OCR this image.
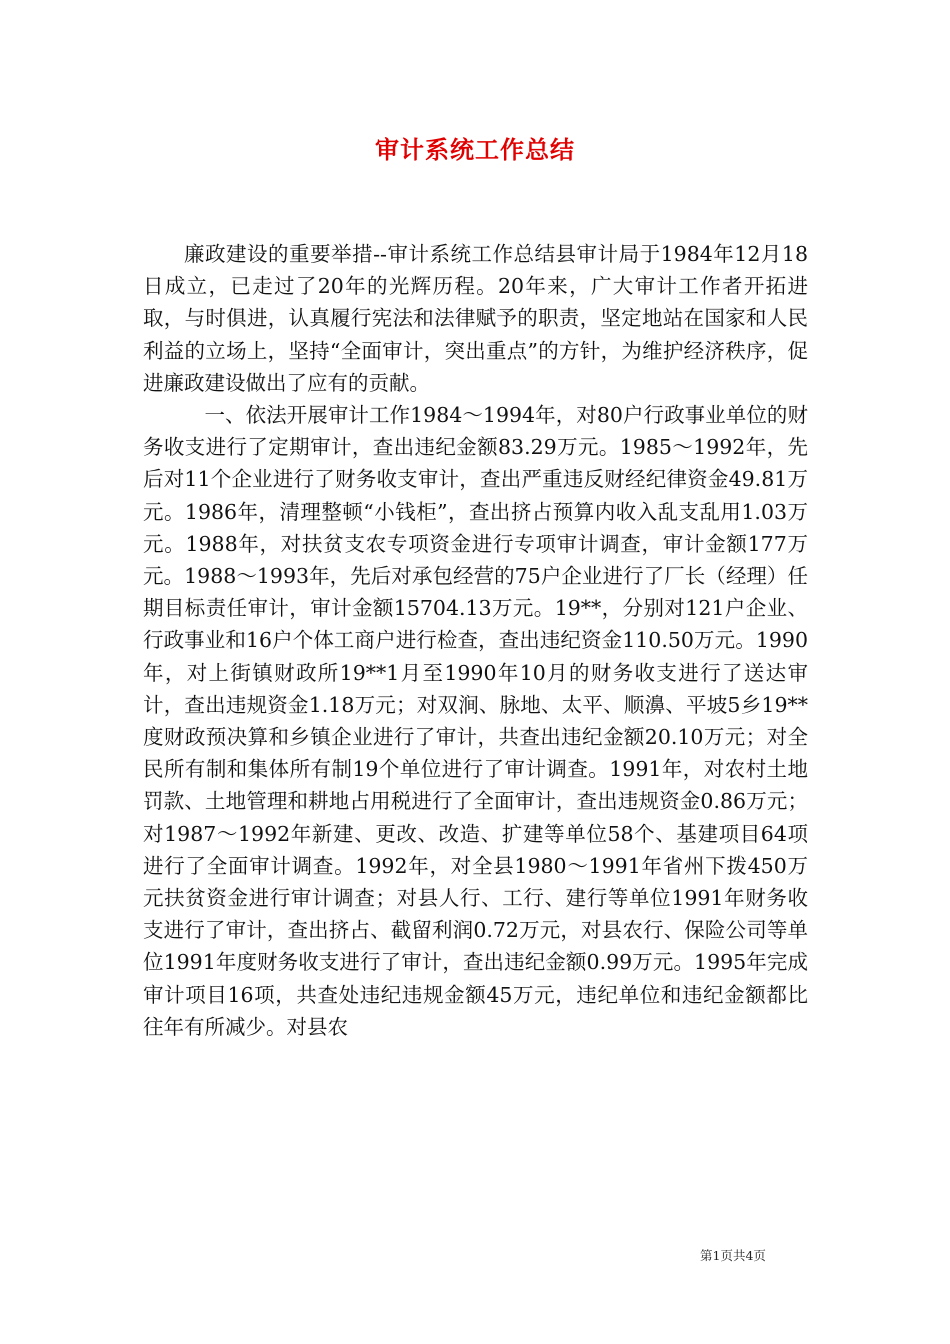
审计系统工作总结

廉政建设的重要举措--审计系统工作总结县审计局于1984年12月18日成立，已走过了20年的光辉历程。20年来，广大审计工作者开拓进取，与时俱进，认真履行宪法和法律赋予的职责，坚定地站在国家和人民利益的立场上，坚持“全面审计，突出重点”的方针，为维护经济秩序，促进廉政建设做出了应有的贡献。

一、依法开展审计工作1984～1994年，对80户行政事业单位的财务收支进行了定期审计，查出违纪金额83.29万元。1985～1992年，先后对11个企业进行了财务收支审计，查出严重违反财经纪律资金49.81万元。1986年，清理整顿“小钱柜”，查出挤占预算内收入乱支乱用1.03万元。1988年，对扶贫支农专项资金进行专项审计调查，审计金额177万元。1988～1993年，先后对承包经营的75户企业进行了厂长（经理）任期目标责任审计，审计金额15704.13万元。19**，分别对121户企业、行政事业和16户个体工商户进行检查，查出违纪资金110.50万元。1990年，对上街镇财政所19**1月至1990年10月的财务收支进行了送达审计，查出违规资金1.18万元；对双涧、脉地、太平、顺濞、平坡5乡19**度财政预决算和乡镇企业进行了审计，共查出违纪金额20.10万元；对全民所有制和集体所有制19个单位进行了审计调查。1991年，对农村土地罚款、土地管理和耕地占用税进行了全面审计，查出违规资金0.86万元；对1987～1992年新建、更改、改造、扩建等单位58个、基建项目64项进行了全面审计调查。1992年，对全县1980～1991年省州下拨450万元扶贫资金进行审计调查；对县人行、工行、建行等单位1991年财务收支进行了审计，查出挤占、截留利润0.72万元，对县农行、保险公司等单位1991年度财务收支进行了审计，查出违纪金额0.99万元。1995年完成审计项目16项，共查处违纪违规金额45万元，违纪单位和违纪金额都比往年有所减少。对县农

第1页共4页
